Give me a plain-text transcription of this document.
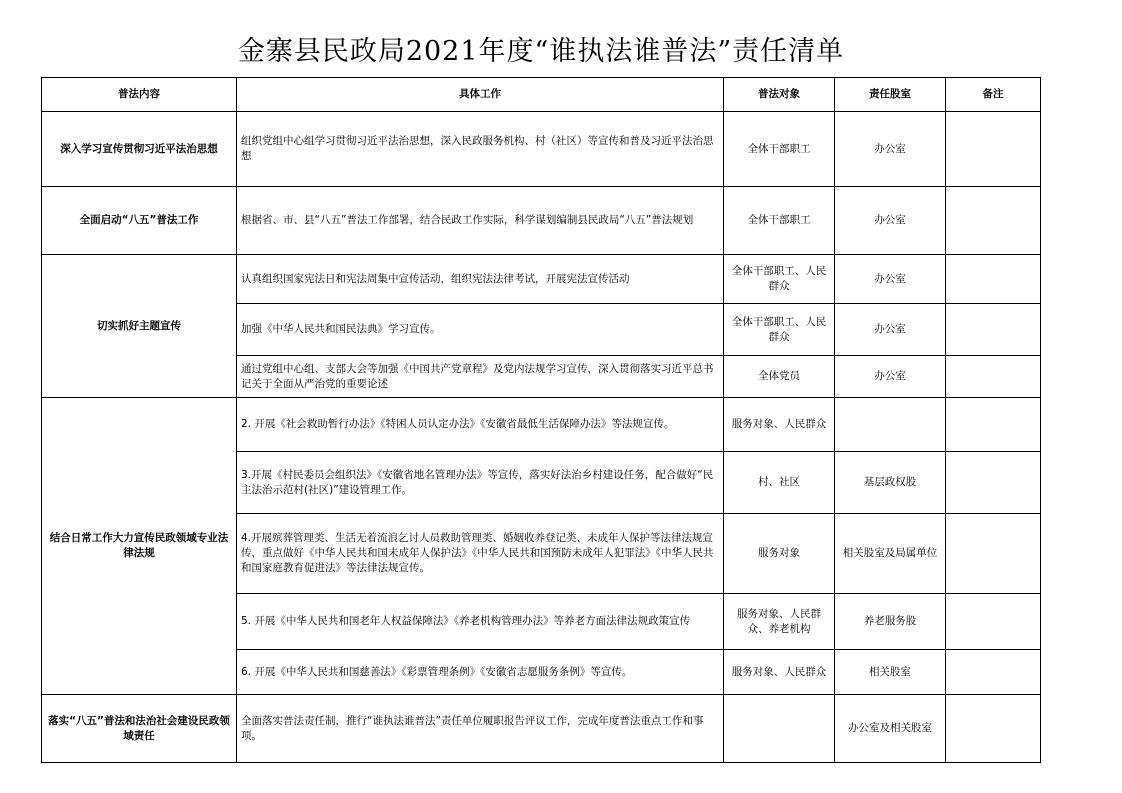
金寨县民政局2021年度“谁执法谁普法”责任清单
普法内容	具体工作	普法对象	责任股室	备注
深入学习宣传贯彻习近平法治思想	组织党组中心组学习贯彻习近平法治思想，深入民政服务机构、村（社区）等宣传和普及习近平法治思想	全体干部职工	办公室	
全面启动“八五”普法工作	根据省、市、县“八五”普法工作部署，结合民政工作实际，科学谋划编制县民政局“八五”普法规划	全体干部职工	办公室	
切实抓好主题宣传	认真组织国家宪法日和宪法周集中宣传活动，组织宪法法律考试，开展宪法宣传活动	全体干部职工、人民群众	办公室	
	加强《中华人民共和国民法典》学习宣传。	全体干部职工、人民群众	办公室	
	通过党组中心组、支部大会等加强《中国共产党章程》及党内法规学习宣传，深入贯彻落实习近平总书记关于全面从严治党的重要论述	全体党员	办公室	
结合日常工作大力宣传民政领域专业法律法规	2. 开展《社会救助暂行办法》《特困人员认定办法》《安徽省最低生活保障办法》等法规宣传。	服务对象、人民群众		
	3.开展《村民委员会组织法》《安徽省地名管理办法》等宣传，落实好法治乡村建设任务，配合做好“民主法治示范村(社区)”建设管理工作。	村、社区	基层政权股	
	4.开展殡葬管理类、生活无着流浪乞讨人员救助管理类、婚姻收养登记类、未成年人保护等法律法规宣传，重点做好《中华人民共和国未成年人保护法》《中华人民共和国预防未成年人犯罪法》《中华人民共和国家庭教育促进法》等法律法规宣传。	服务对象	相关股室及局属单位	
	5. 开展《中华人民共和国老年人权益保障法》《养老机构管理办法》等养老方面法律法规政策宣传	服务对象、人民群众、养老机构	养老服务股	
	6. 开展《中华人民共和国慈善法》《彩票管理条例》《安徽省志愿服务条例》等宣传。	服务对象、人民群众	相关股室	
落实“八五”普法和法治社会建设民政领域责任	全面落实普法责任制，推行“谁执法谁普法”责任单位履职报告评议工作，完成年度普法重点工作和事项。		办公室及相关股室	
